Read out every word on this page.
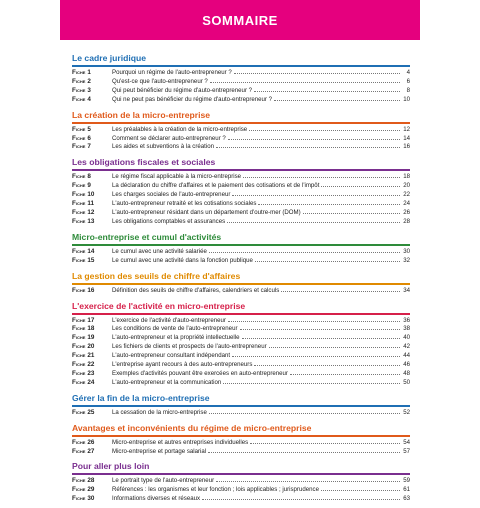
SOMMAIRE
Le cadre juridique
Fiche 1	Pourquoi un régime de l'auto-entrepreneur ?	4
Fiche 2	Qu'est-ce que l'auto-entrepreneur ?	6
Fiche 3	Qui peut bénéficier du régime d'auto-entrepreneur ?	8
Fiche 4	Qui ne peut pas bénéficier du régime d'auto-entrepreneur ?	10
La création de la micro-entreprise
Fiche 5	Les préalables à la création de la micro-entreprise	12
Fiche 6	Comment se déclarer auto-entrepreneur ?	14
Fiche 7	Les aides et subventions à la création	16
Les obligations fiscales et sociales
Fiche 8	Le régime fiscal applicable à la micro-entreprise	18
Fiche 9	La déclaration du chiffre d'affaires et le paiement des cotisations et de l'impôt	20
Fiche 10	Les charges sociales de l'auto-entrepreneur	22
Fiche 11	L'auto-entrepreneur retraité et les cotisations sociales	24
Fiche 12	L'auto-entrepreneur résidant dans un département d'outre-mer (DOM)	26
Fiche 13	Les obligations comptables et assurances	28
Micro-entreprise et cumul d'activités
Fiche 14	Le cumul avec une activité salariée	30
Fiche 15	Le cumul avec une activité dans la fonction publique	32
La gestion des seuils de chiffre d'affaires
Fiche 16	Définition des seuils de chiffre d'affaires, calendriers et calculs	34
L'exercice de l'activité en micro-entreprise
Fiche 17	L'exercice de l'activité d'auto-entrepreneur	36
Fiche 18	Les conditions de vente de l'auto-entrepreneur	38
Fiche 19	L'auto-entrepreneur et la propriété intellectuelle	40
Fiche 20	Les fichiers de clients et prospects de l'auto-entrepreneur	42
Fiche 21	L'auto-entrepreneur consultant indépendant	44
Fiche 22	L'entreprise ayant recours à des auto-entrepreneurs	46
Fiche 23	Exemples d'activités pouvant être exercées en auto-entrepreneur	48
Fiche 24	L'auto-entrepreneur et la communication	50
Gérer la fin de la micro-entreprise
Fiche 25	La cessation de la micro-entreprise	52
Avantages et inconvénients du régime de micro-entreprise
Fiche 26	Micro-entreprise et autres entreprises individuelles	54
Fiche 27	Micro-entreprise et portage salarial	57
Pour aller plus loin
Fiche 28	Le portrait type de l'auto-entrepreneur	59
Fiche 29	Références : les organismes et leur fonction ; lois applicables ; jurisprudence	61
Fiche 30	Informations diverses et réseaux	63
